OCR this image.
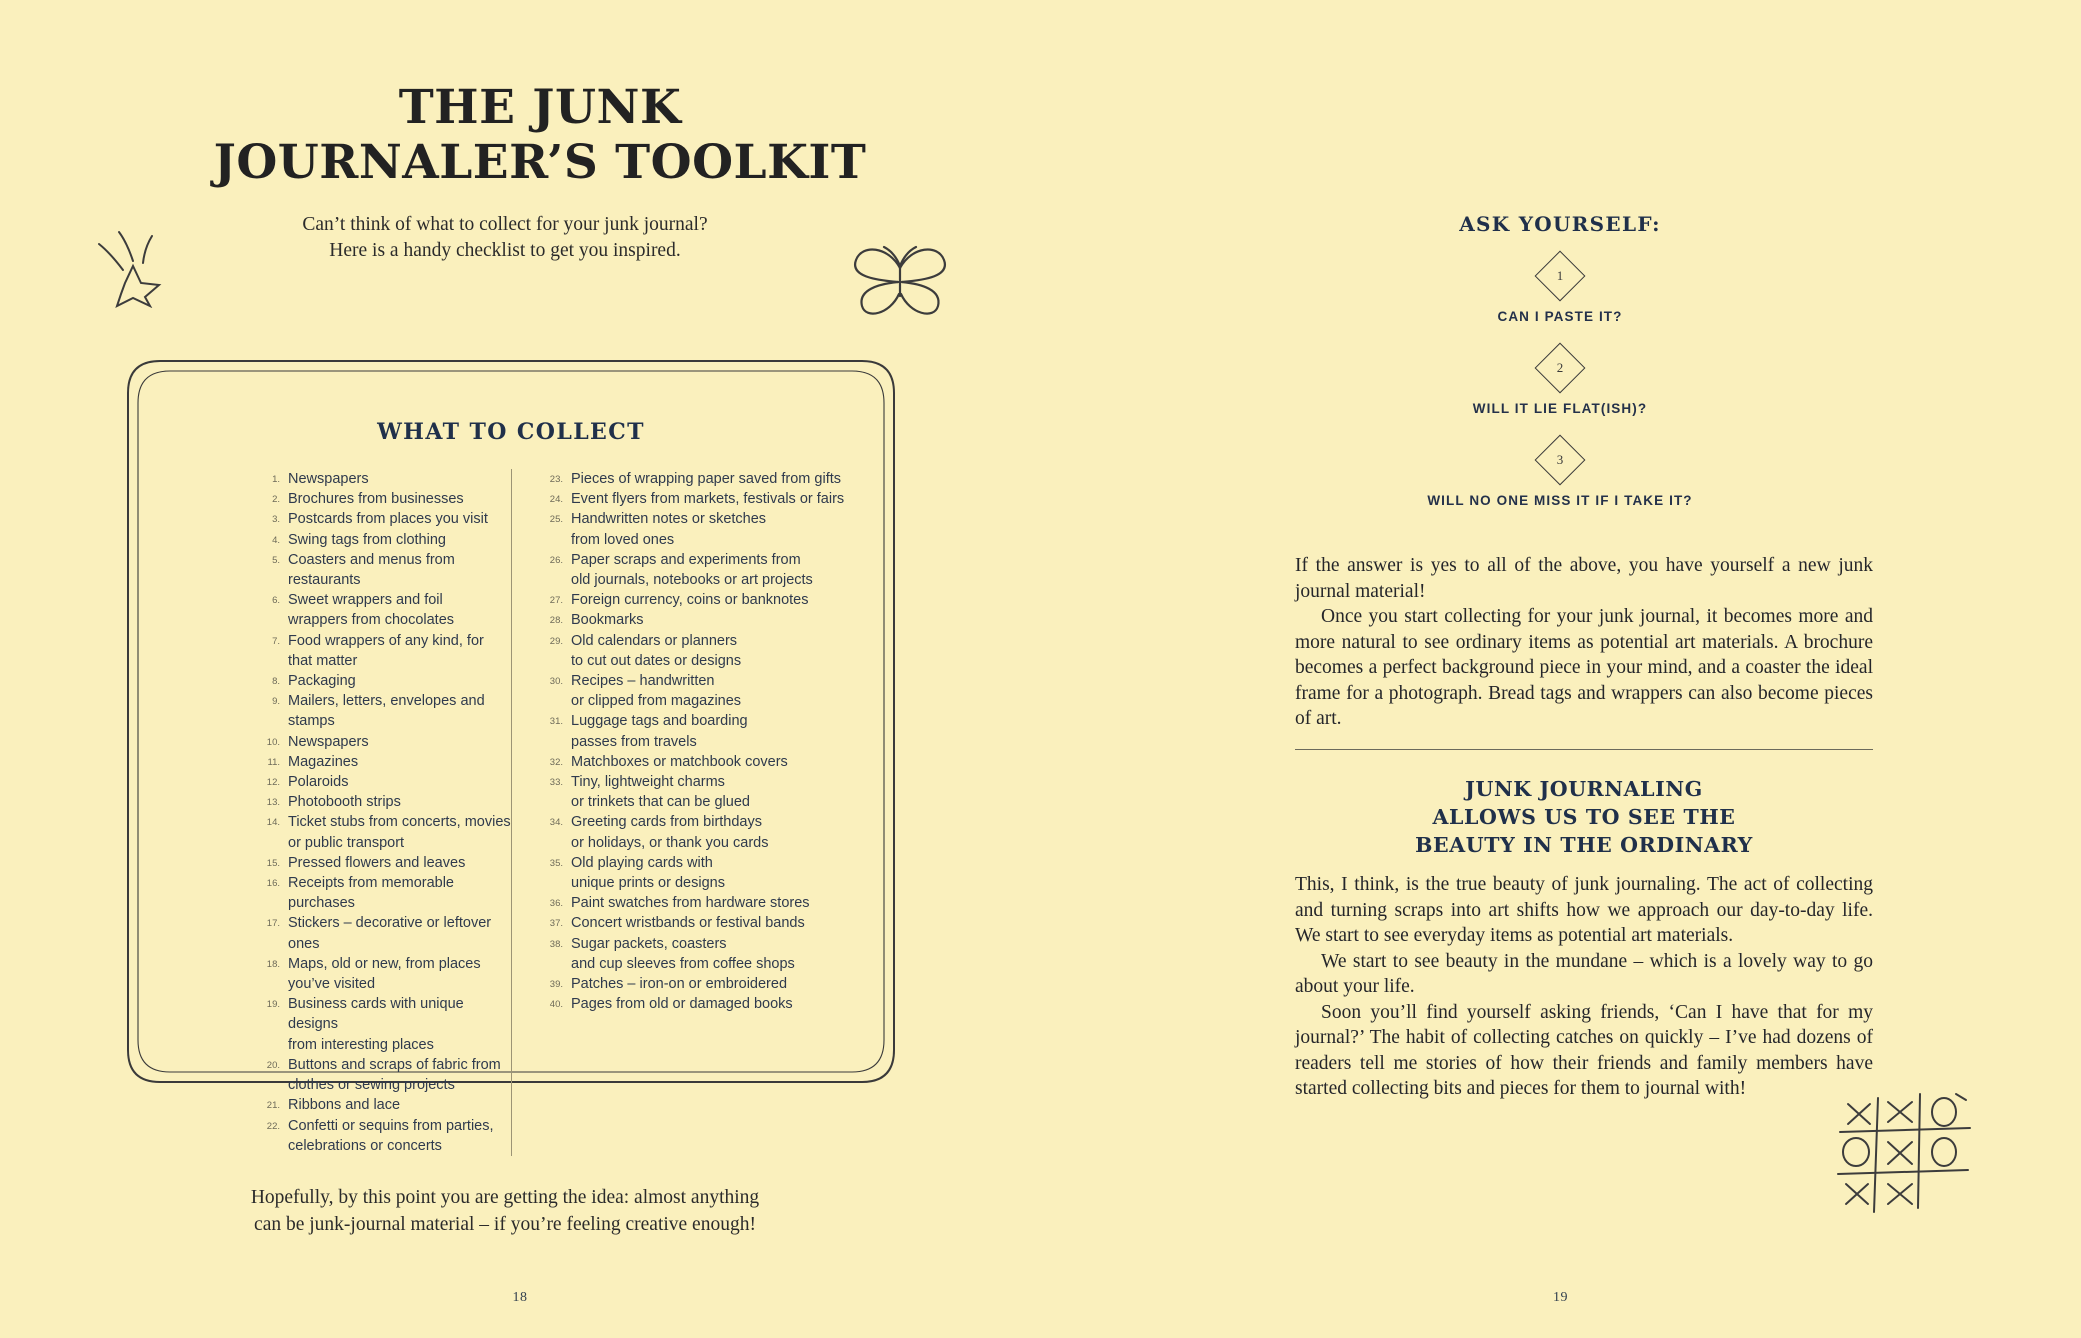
THE JUNK
JOURNALER’S TOOLKIT
Can’t think of what to collect for your junk journal?
Here is a handy checklist to get you inspired.
WHAT TO COLLECT
1. Newspapers
2. Brochures from businesses
3. Postcards from places you visit
4. Swing tags from clothing
5. Coasters and menus from restaurants
6. Sweet wrappers and foil
wrappers from chocolates
7. Food wrappers of any kind, for that matter
8. Packaging
9. Mailers, letters, envelopes and stamps
10. Newspapers
11. Magazines
12. Polaroids
13. Photobooth strips
14. Ticket stubs from concerts, movies
or public transport
15. Pressed flowers and leaves
16. Receipts from memorable purchases
17. Stickers – decorative or leftover ones
18. Maps, old or new, from places
you’ve visited
19. Business cards with unique designs
from interesting places
20. Buttons and scraps of fabric from
clothes or sewing projects
21. Ribbons and lace
22. Confetti or sequins from parties,
celebrations or concerts
23. Pieces of wrapping paper saved from gifts
24. Event flyers from markets, festivals or fairs
25. Handwritten notes or sketches
from loved ones
26. Paper scraps and experiments from
old journals, notebooks or art projects
27. Foreign currency, coins or banknotes
28. Bookmarks
29. Old calendars or planners
to cut out dates or designs
30. Recipes – handwritten
or clipped from magazines
31. Luggage tags and boarding
passes from travels
32. Matchboxes or matchbook covers
33. Tiny, lightweight charms
or trinkets that can be glued
34. Greeting cards from birthdays
or holidays, or thank you cards
35. Old playing cards with
unique prints or designs
36. Paint swatches from hardware stores
37. Concert wristbands or festival bands
38. Sugar packets, coasters
and cup sleeves from coffee shops
39. Patches – iron-on or embroidered
40. Pages from old or damaged books
Hopefully, by this point you are getting the idea: almost anything
can be junk-journal material – if you’re feeling creative enough!
ASK YOURSELF:
1
CAN I PASTE IT?
2
WILL IT LIE FLAT(ISH)?
3
WILL NO ONE MISS IT IF I TAKE IT?

If the answer is yes to all of the above, you have yourself a new junk journal material!

Once you start collecting for your junk journal, it becomes more and more natural to see ordinary items as potential art materials. A brochure becomes a perfect background piece in your mind, and a coaster the ideal frame for a photograph. Bread tags and wrappers can also become pieces of art.

JUNK JOURNALING
ALLOWS US TO SEE THE
BEAUTY IN THE ORDINARY

This, I think, is the true beauty of junk journaling. The act of collecting and turning scraps into art shifts how we approach our day-to-day life. We start to see everyday items as potential art materials.

We start to see beauty in the mundane – which is a lovely way to go about your life.

Soon you’ll find yourself asking friends, ‘Can I have that for my journal?’ The habit of collecting catches on quickly – I’ve had dozens of readers tell me stories of how their friends and family members have started collecting bits and pieces for them to journal with!

18	19
